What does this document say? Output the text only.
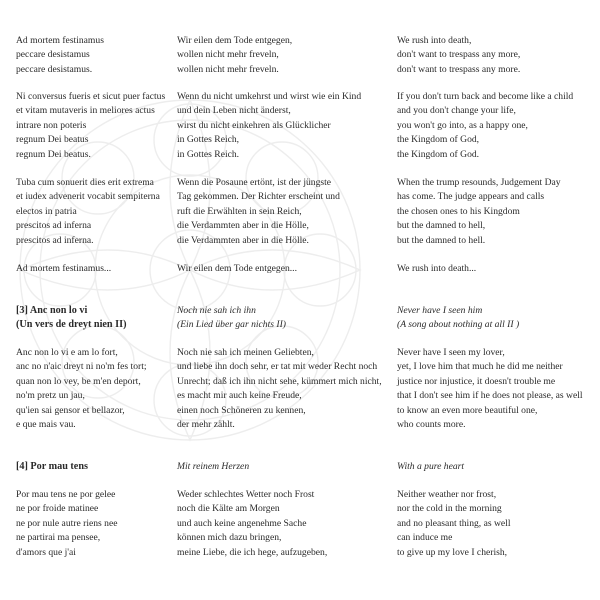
Ad mortem festinamus
peccare desistamus
peccare desistamus.
Ni conversus fueris et sicut puer factus
et vitam mutaveris in meliores actus
intrare non poteris
regnum Dei beatus
regnum Dei beatus.
Tuba cum sonuerit dies erit extrema
et iudex advenerit vocabit sempiterna
electos in patria
prescitos ad inferna
prescitos ad inferna.
Ad mortem festinamus...
[3] Anc non lo vi
(Un vers de dreyt nien II)
Anc non lo vi e am lo fort,
anc no n'aic dreyt ni no'm fes tort;
quan non lo vey, be m'en deport,
no'm pretz un jau,
qu'ien sai gensor et bellazor,
e que mais vau.
[4] Por mau tens
Por mau tens ne por gelee
ne por froide matinee
ne por nule autre riens nee
ne partirai ma pensee,
d'amors que j'ai
Wir eilen dem Tode entgegen,
wollen nicht mehr freveln,
wollen nicht mehr freveln.
Wenn du nicht umkehrst und wirst wie ein Kind
und dein Leben nicht änderst,
wirst du nicht einkehren als Glücklicher
in Gottes Reich,
in Gottes Reich.
Wenn die Posaune ertönt, ist der jüngste
Tag gekommen. Der Richter erscheint und
ruft die Erwählten in sein Reich,
die Verdammten aber in die Hölle,
die Verdammten aber in die Hölle.
Wir eilen dem Tode entgegen...
Noch nie sah ich ihn
(Ein Lied über gar nichts II)
Noch nie sah ich meinen Geliebten,
und liebe ihn doch sehr, er tat mit weder Recht noch
Unrecht; daß ich ihn nicht sehe, kümmert mich nicht,
es macht mir auch keine Freude,
einen noch Schöneren zu kennen,
der mehr zählt.
Mit reinem Herzen
Weder schlechtes Wetter noch Frost
noch die Kälte am Morgen
und auch keine angenehme Sache
können mich dazu bringen,
meine Liebe, die ich hege, aufzugeben,
We rush into death,
don't want to trespass any more,
don't want to trespass any more.
If you don't turn back and become like a child
and you don't change your life,
you won't go into, as a happy one,
the Kingdom of God,
the Kingdom of God.
When the trump resounds, Judgement Day
has come. The judge appears and calls
the chosen ones to his Kingdom
but the damned to hell,
but the damned to hell.
We rush into death...
Never have I seen him
(A song about nothing at all II )
Never have I seen my lover,
yet, I love him that much he did me neither
justice nor injustice, it doesn't trouble me
that I don't see him if he does not please, as well
to know an even more beautiful one,
who counts more.
With a pure heart
Neither weather nor frost,
nor the cold in the morning
and no pleasant thing, as well
can induce me
to give up my love I cherish,
